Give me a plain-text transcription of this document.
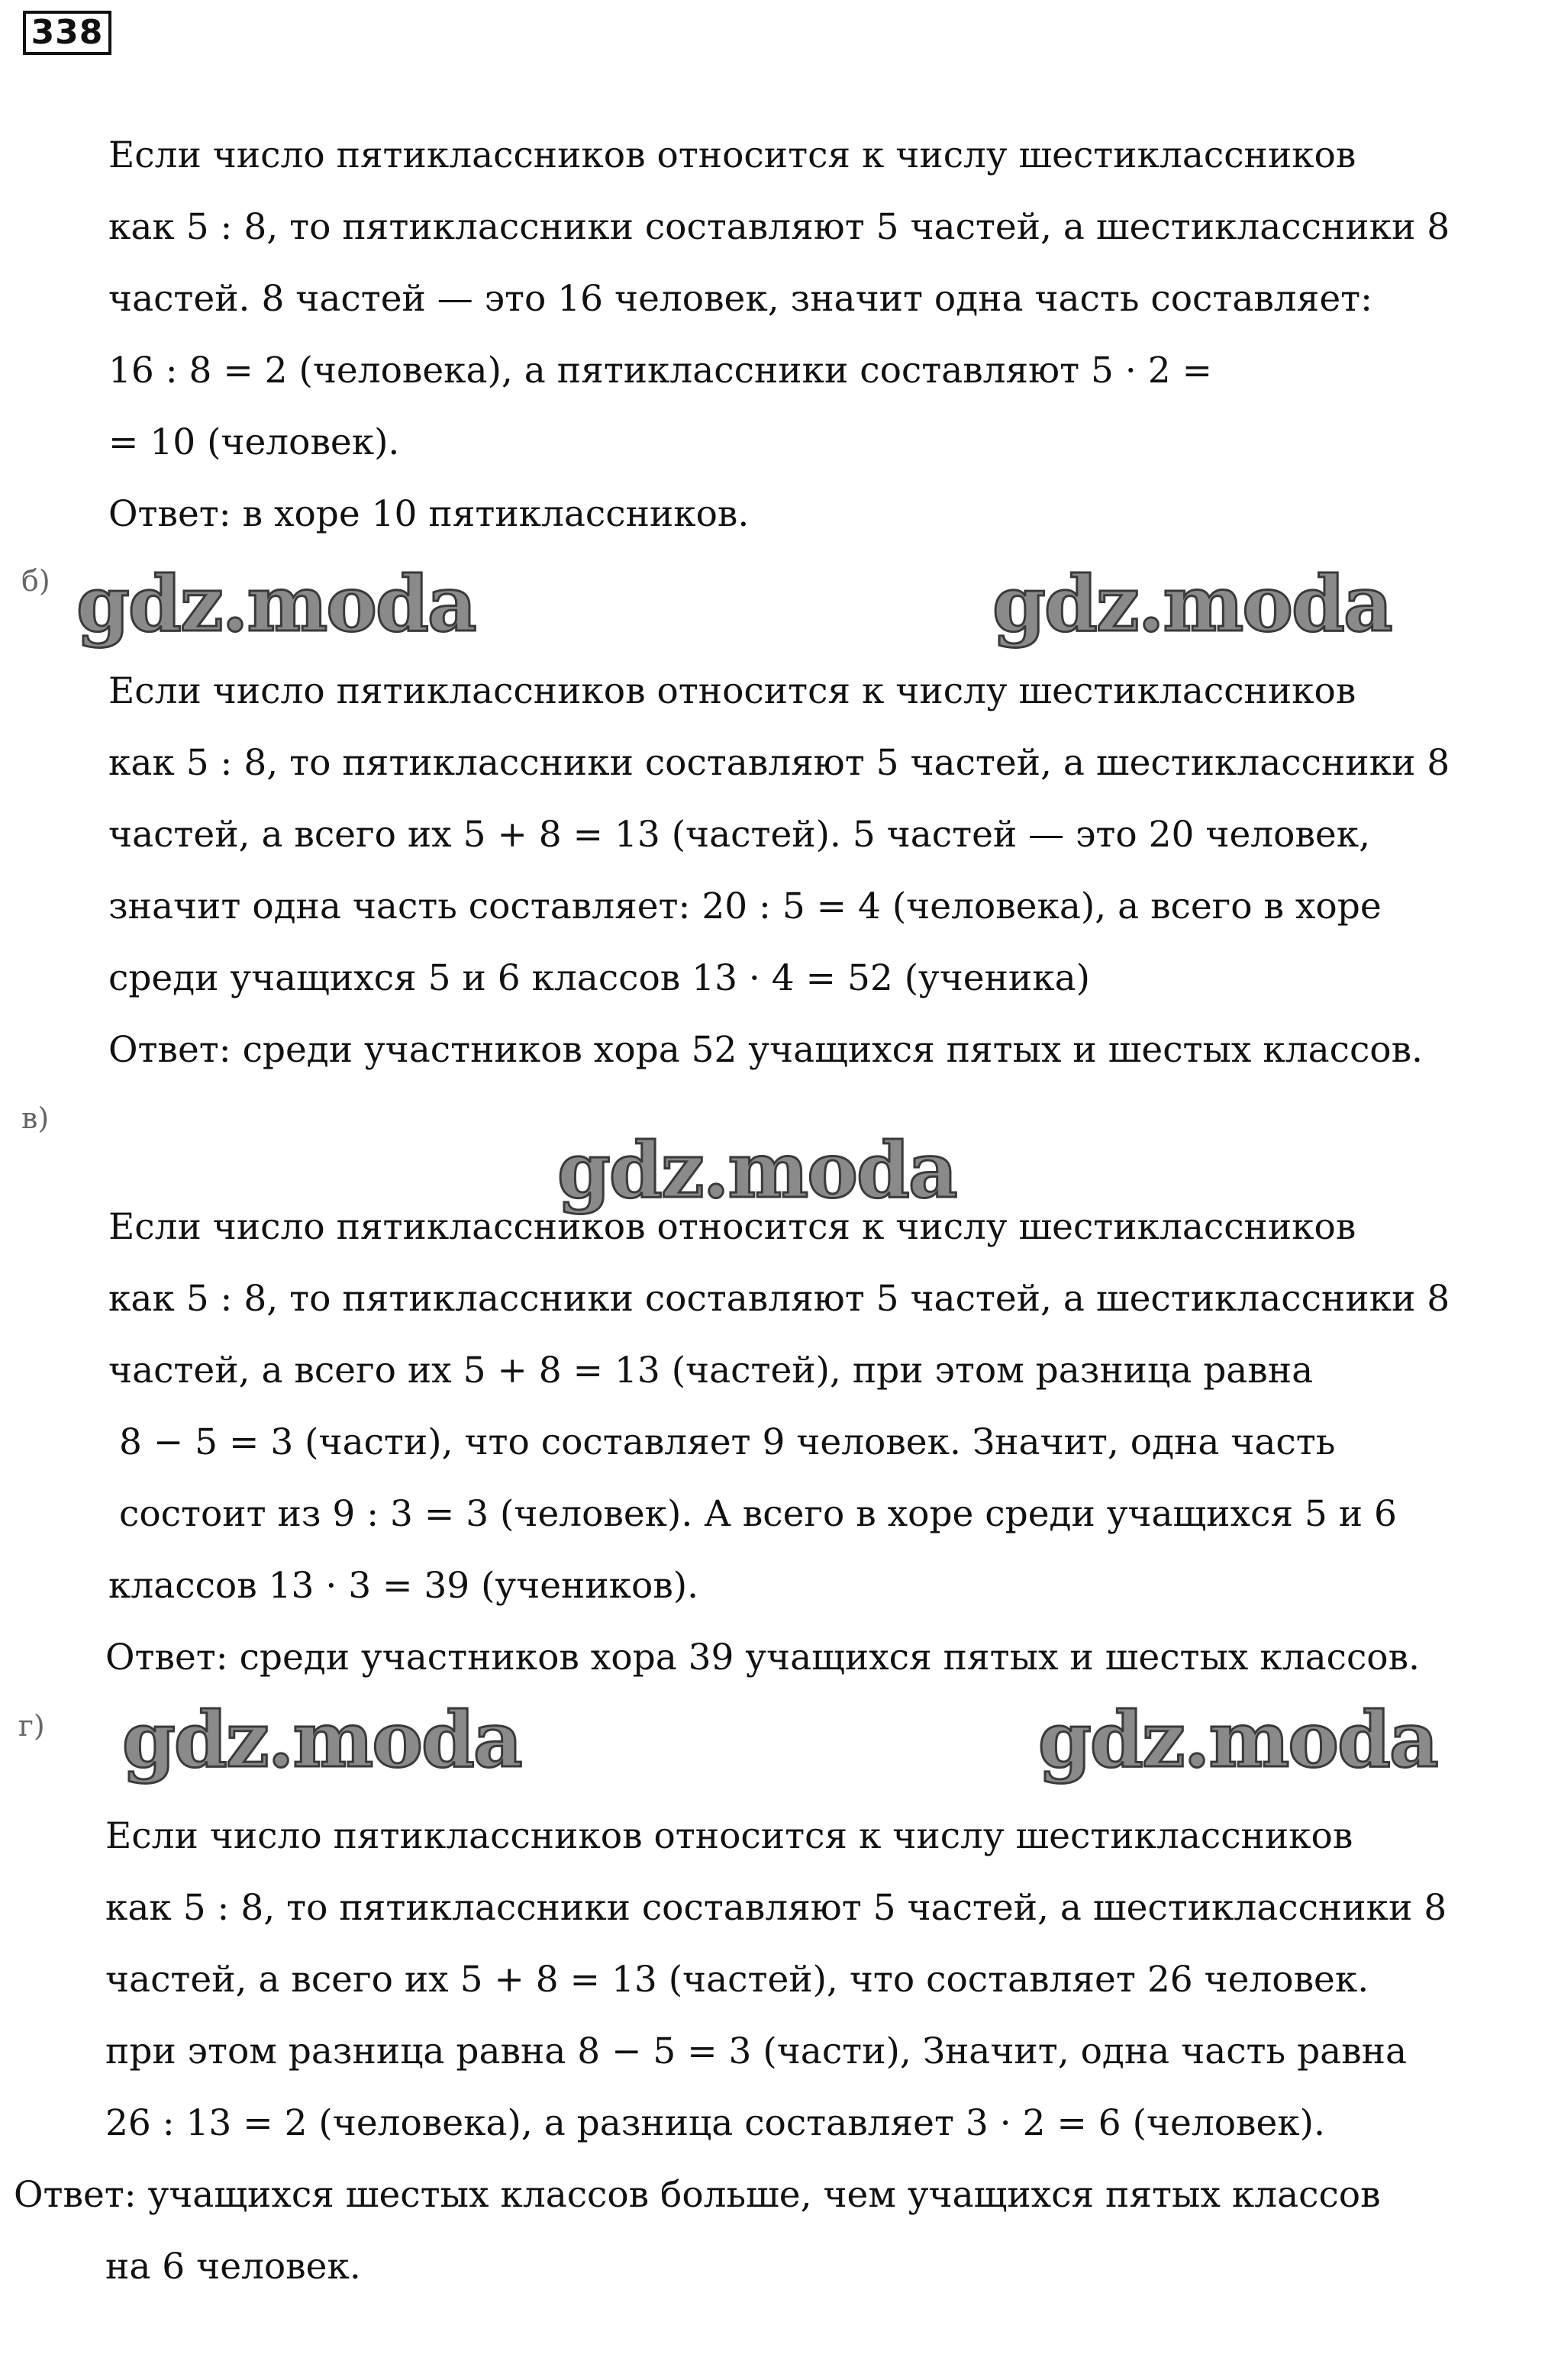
338
Если число пятиклассников относится к числу шестиклассников
как 5 : 8, то пятиклассники составляют 5 частей, а шестиклассники 8
частей. 8 частей — это 16 человек, значит одна часть составляет:
16 : 8 = 2 (человека), а пятиклассники составляют 5 · 2 =
= 10 (человек).
Ответ: в хоре 10 пятиклассников.
б) gdz.moda	gdz.moda
Если число пятиклассников относится к числу шестиклассников
как 5 : 8, то пятиклассники составляют 5 частей, а шестиклассники 8
частей, а всего их 5 + 8 = 13 (частей). 5 частей — это 20 человек,
значит одна часть составляет: 20 : 5 = 4 (человека), а всего в хоре
среди учащихся 5 и 6 классов 13 · 4 = 52 (ученика)
Ответ: среди участников хора 52 учащихся пятых и шестых классов.
в)
gdz.moda
Если число пятиклассников относится к числу шестиклассников
как 5 : 8, то пятиклассники составляют 5 частей, а шестиклассники 8
частей, а всего их 5 + 8 = 13 (частей), при этом разница равна
8 − 5 = 3 (части), что составляет 9 человек. Значит, одна часть
состоит из 9 : 3 = 3 (человек). А всего в хоре среди учащихся 5 и 6
классов 13 · 3 = 39 (учеников).
Ответ: среди участников хора 39 учащихся пятых и шестых классов.
г) gdz.moda	gdz.moda
Если число пятиклассников относится к числу шестиклассников
как 5 : 8, то пятиклассники составляют 5 частей, а шестиклассники 8
частей, а всего их 5 + 8 = 13 (частей), что составляет 26 человек.
при этом разница равна 8 − 5 = 3 (части), Значит, одна часть равна
26 : 13 = 2 (человека), а разница составляет 3 · 2 = 6 (человек).
Ответ: учащихся шестых классов больше, чем учащихся пятых классов
на 6 человек.
